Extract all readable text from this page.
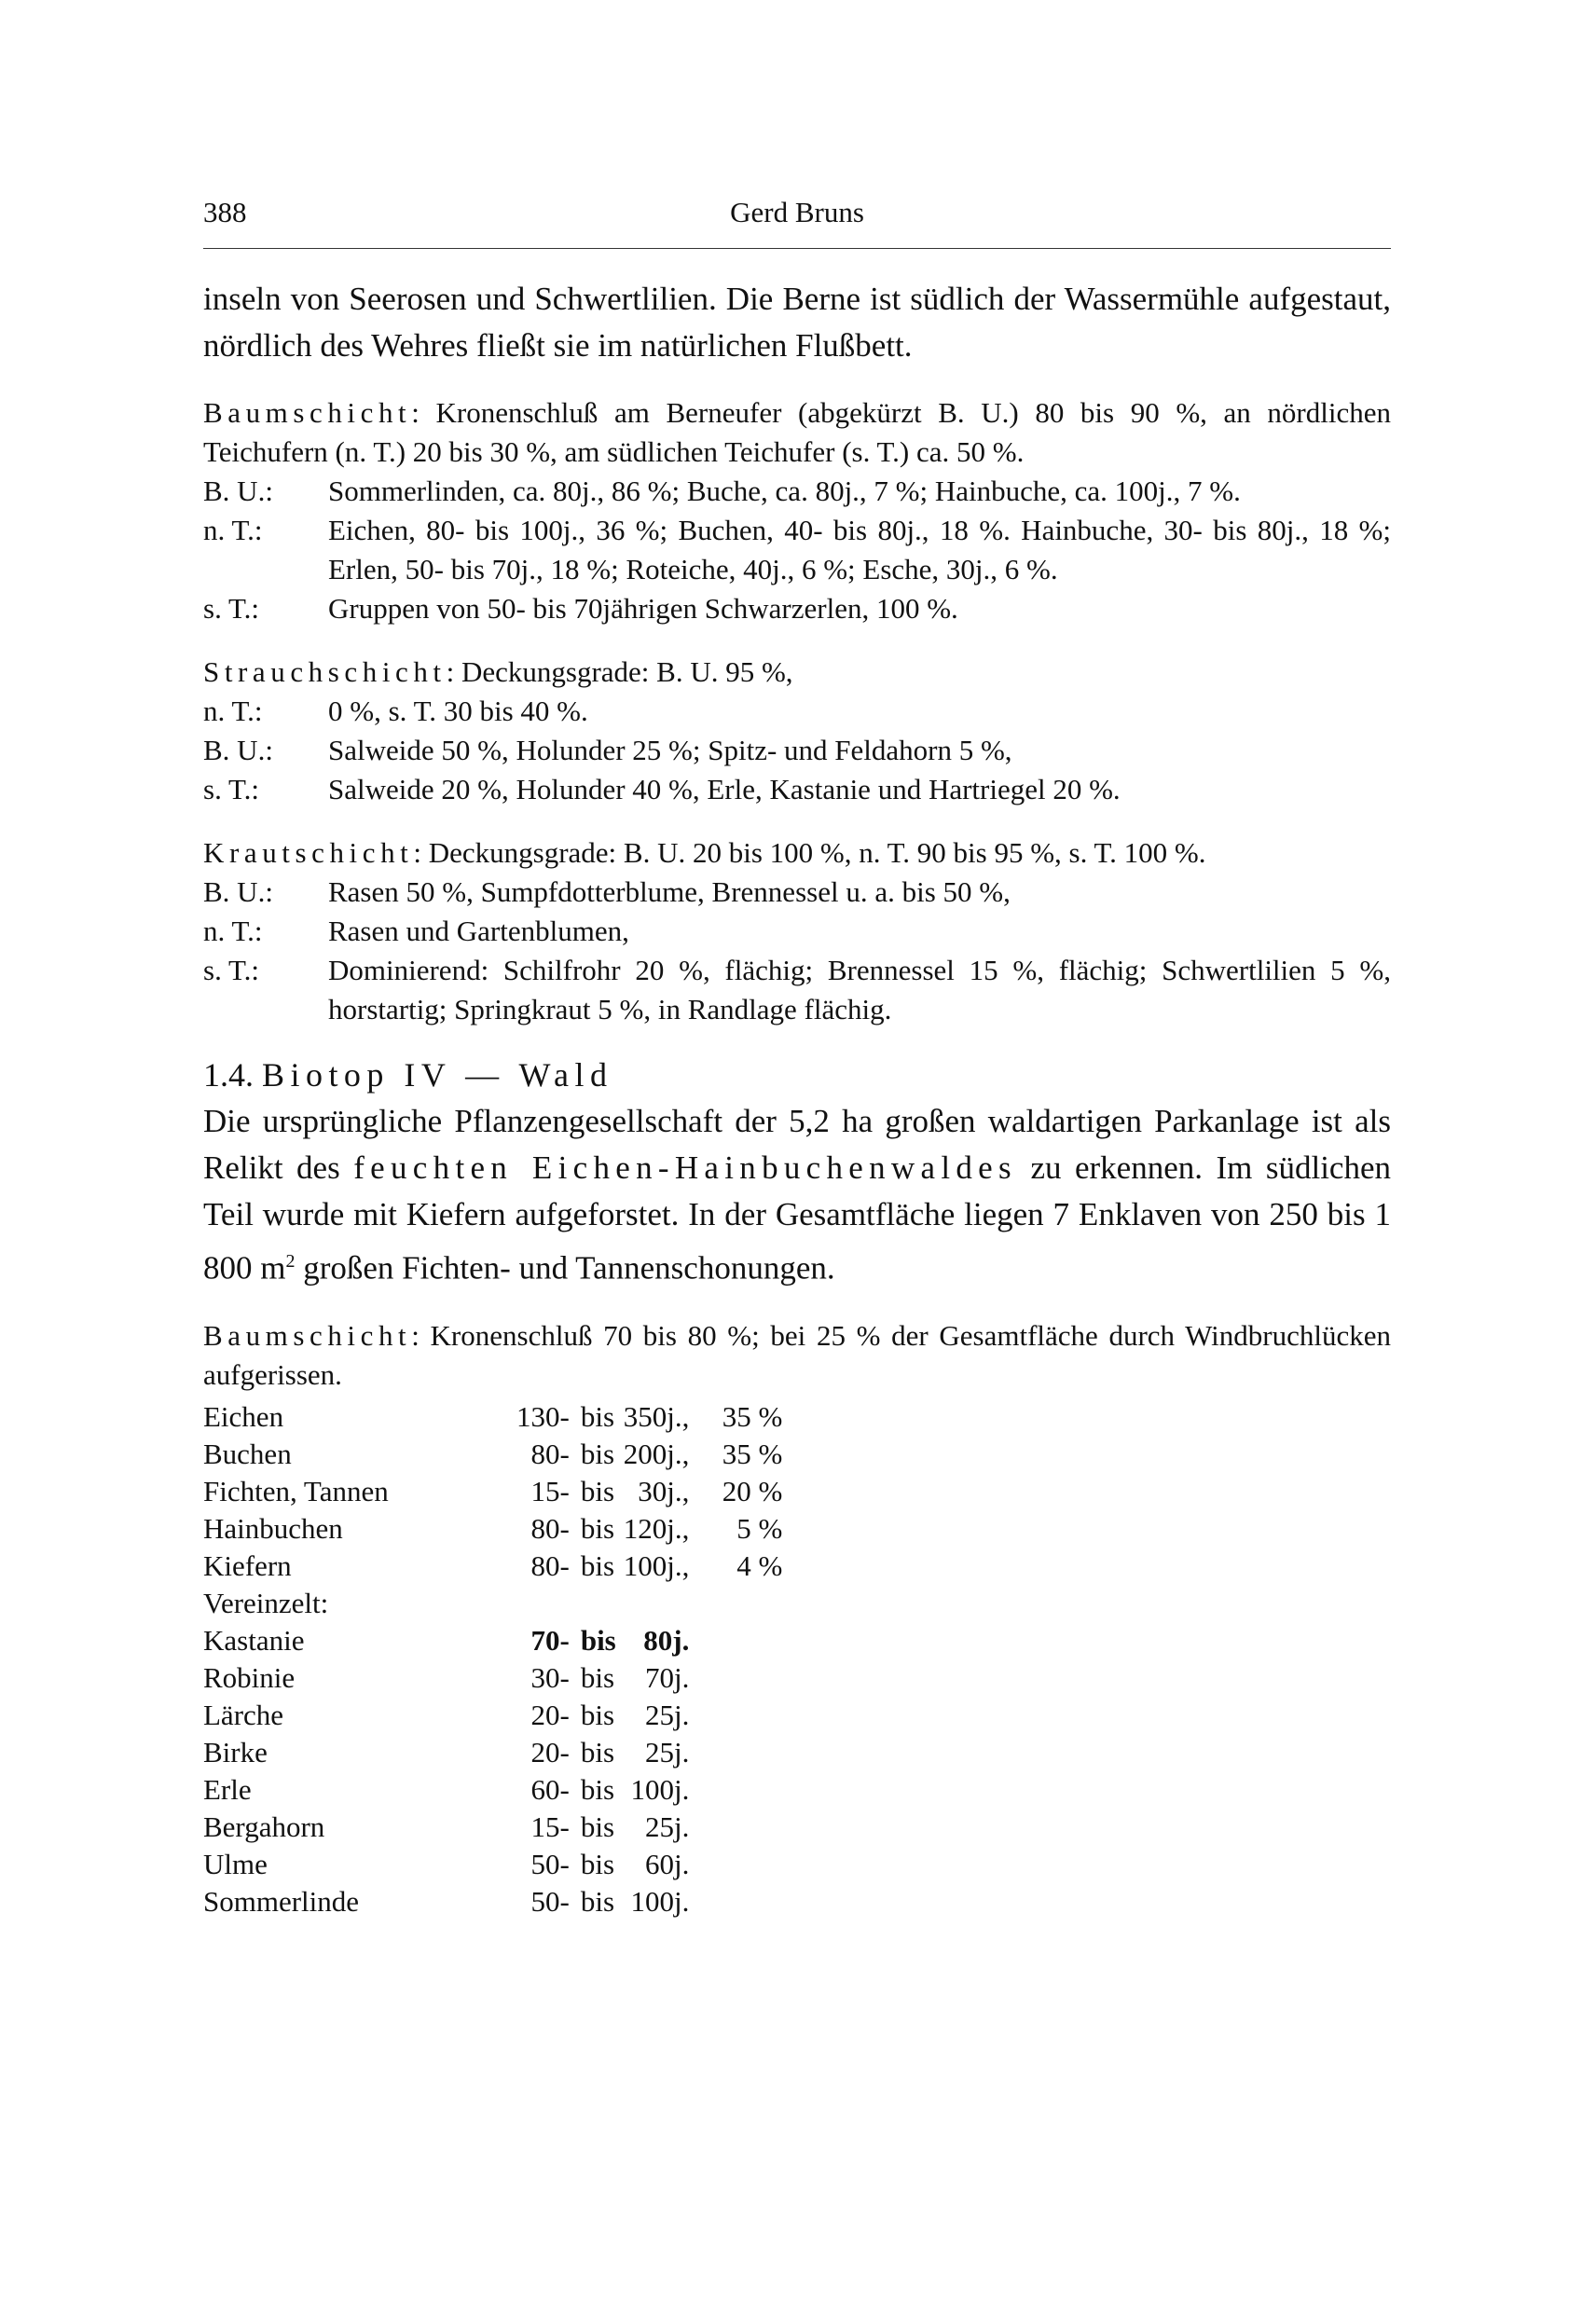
388	Gerd Bruns

inseln von Seerosen und Schwertlilien. Die Berne ist südlich der Wassermühle aufgestaut, nördlich des Wehres fließt sie im natürlichen Flußbett.

Baumschicht: Kronenschluß am Berneufer (abgekürzt B. U.) 80 bis 90 %, an nördlichen Teichufern (n. T.) 20 bis 30 %, am südlichen Teichufer (s. T.) ca. 50 %.
B. U.:	Sommerlinden, ca. 80j., 86 %; Buche, ca. 80j., 7 %; Hainbuche, ca. 100j., 7 %.
n. T.:	Eichen, 80- bis 100j., 36 %; Buchen, 40- bis 80j., 18 %. Hainbuche, 30- bis 80j., 18 %; Erlen, 50- bis 70j., 18 %; Roteiche, 40j., 6 %; Esche, 30j., 6 %.
s. T.:	Gruppen von 50- bis 70jährigen Schwarzerlen, 100 %.
Strauchschicht: Deckungsgrade: B. U. 95 %,
n. T.:	0 %, s. T. 30 bis 40 %.
B. U.:	Salweide 50 %, Holunder 25 %; Spitz- und Feldahorn 5 %,
s. T.:	Salweide 20 %, Holunder 40 %, Erle, Kastanie und Hartriegel 20 %.
Krautschicht: Deckungsgrade: B. U. 20 bis 100 %, n. T. 90 bis 95 %, s. T. 100 %.
B. U.:	Rasen 50 %, Sumpfdotterblume, Brennessel u. a. bis 50 %,
n. T.:	Rasen und Gartenblumen,
s. T.:	Dominierend: Schilfrohr 20 %, flächig; Brennessel 15 %, flächig; Schwertlilien 5 %, horstartig; Springkraut 5 %, in Randlage flächig.
1.4. Biotop IV — Wald

Die ursprüngliche Pflanzengesellschaft der 5,2 ha großen waldartigen Parkanlage ist als Relikt des feuchten Eichen-Hainbuchenwaldes zu erkennen. Im südlichen Teil wurde mit Kiefern aufgeforstet. In der Gesamtfläche liegen 7 Enklaven von 250 bis 1 800 $m^2$ großen Fichten- und Tannenschonungen.

Baumschicht: Kronenschluß 70 bis 80 %; bei 25 % der Gesamtfläche durch Windbruchlücken aufgerissen.
Eichen	130-	bis	350j.,	35 %
Buchen	80-	bis	200j.,	35 %
Fichten, Tannen	15-	bis	30j.,	20 %
Hainbuchen	80-	bis	120j.,	5 %
Kiefern	80-	bis	100j.,	4 %
Vereinzelt:				
Kastanie	70-	bis	80j.	
Robinie	30-	bis	70j.	
Lärche	20-	bis	25j.	
Birke	20-	bis	25j.	
Erle	60-	bis	100j.	
Bergahorn	15-	bis	25j.	
Ulme	50-	bis	60j.	
Sommerlinde	50-	bis	100j.	
